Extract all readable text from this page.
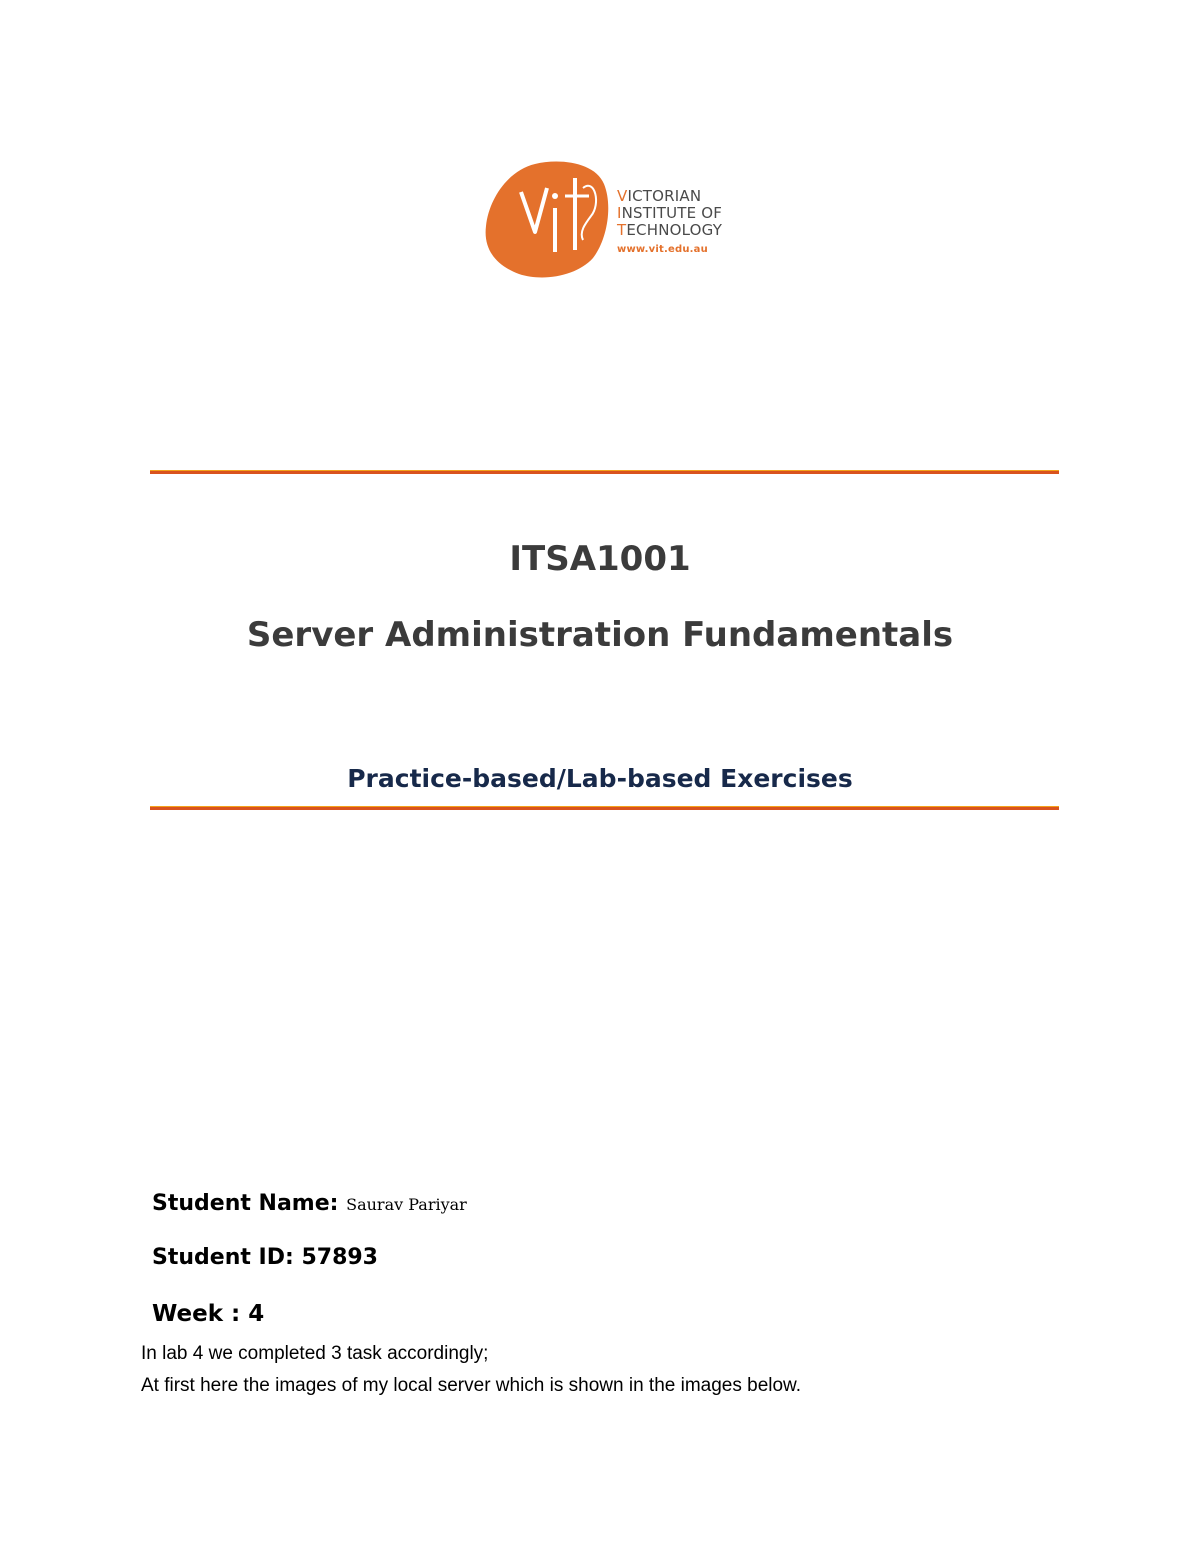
VICTORIAN
INSTITUTE OF
TECHNOLOGY
www.vit.edu.au
ITSA1001
Server Administration Fundamentals
Practice-based/Lab-based Exercises
Student Name: Saurav Pariyar
Student ID: 57893
Week : 4
In lab 4 we completed 3 task accordingly;
At first here the images of my local server which is shown in the images below.
